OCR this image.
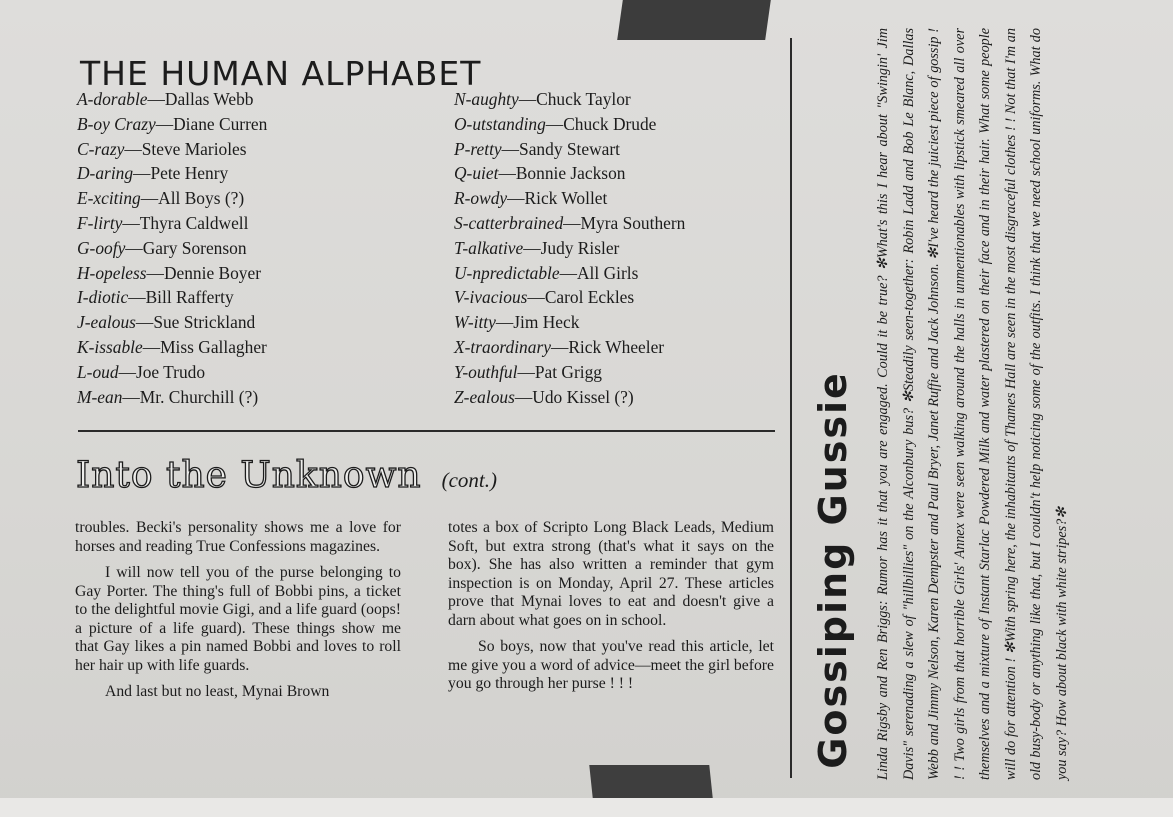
THE HUMAN ALPHABET
A-dorable—Dallas Webb
B-oy Crazy—Diane Curren
C-razy—Steve Marioles
D-aring—Pete Henry
E-xciting—All Boys (?)
F-lirty—Thyra Caldwell
G-oofy—Gary Sorenson
H-opeless—Dennie Boyer
I-diotic—Bill Rafferty
J-ealous—Sue Strickland
K-issable—Miss Gallagher
L-oud—Joe Trudo
M-ean—Mr. Churchill (?)
N-aughty—Chuck Taylor
O-utstanding—Chuck Drude
P-retty—Sandy Stewart
Q-uiet—Bonnie Jackson
R-owdy—Rick Wollet
S-catterbrained—Myra Southern
T-alkative—Judy Risler
U-npredictable—All Girls
V-ivacious—Carol Eckles
W-itty—Jim Heck
X-traordinary—Rick Wheeler
Y-outhful—Pat Grigg
Z-ealous—Udo Kissel (?)
Into the Unknown (cont.)

troubles. Becki's personality shows me a love for horses and reading True Confessions magazines.

I will now tell you of the purse belonging to Gay Porter. The thing's full of Bobbi pins, a ticket to the delightful movie Gigi, and a life guard (oops! a picture of a life guard). These things show me that Gay likes a pin named Bobbi and loves to roll her hair up with life guards.

And last but no least, Mynai Brown

totes a box of Scripto Long Black Leads, Medium Soft, but extra strong (that's what it says on the box). She has also written a reminder that gym inspection is on Monday, April 27. These articles prove that Mynai loves to eat and doesn't give a darn about what goes on in school.

So boys, now that you've read this article, let me give you a word of advice—meet the girl before you go through her purse ! ! !	Gossiping Gussie Linda Rigsby and Ren Briggs: Rumor has it that you are engaged. Could it be true? ✻What's this I hear about "Swingin' Jim Davis" serenading a slew of "hillbillies" on the Alconbury bus? ✻Steadily seen-together: Robin Ladd and Bob Le Blanc, Dallas Webb and Jimmy Nelson, Karen Dempster and Paul Bryer, Janet Ruffie and Jack Johnson. ✻I've heard the juiciest piece of gossip ! ! ! Two girls from that horrible Girls' Annex were seen walking around the halls in unmentionables with lipstick smeared all over themselves and a mixture of Instant Starlac Powdered Milk and water plastered on their face and in their hair. What some people will do for attention ! ✻With spring here, the inhabitants of Thames Hall are seen in the most disgraceful clothes ! ! Not that I'm an old busy-body or anything like that, but I couldn't help noticing some of the outfits. I think that we need school uniforms. What do you say? How about black with white stripes?✻
